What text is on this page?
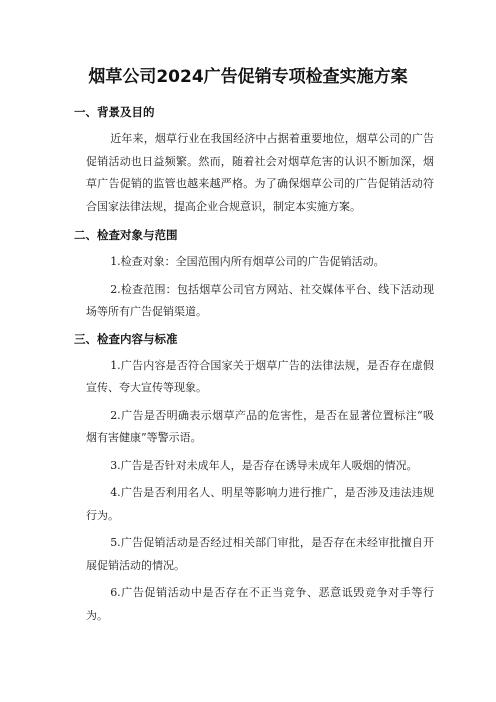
烟草公司2024广告促销专项检查实施方案
一、背景及目的

近年来，烟草行业在我国经济中占据着重要地位，烟草公司的广告促销活动也日益频繁。然而，随着社会对烟草危害的认识不断加深，烟草广告促销的监管也越来越严格。为了确保烟草公司的广告促销活动符合国家法律法规，提高企业合规意识，制定本实施方案。

二、检查对象与范围

1.检查对象：全国范围内所有烟草公司的广告促销活动。

2.检查范围：包括烟草公司官方网站、社交媒体平台、线下活动现场等所有广告促销渠道。

三、检查内容与标准

1.广告内容是否符合国家关于烟草广告的法律法规，是否存在虚假宣传、夸大宣传等现象。

2.广告是否明确表示烟草产品的危害性，是否在显著位置标注“吸烟有害健康”等警示语。

3.广告是否针对未成年人，是否存在诱导未成年人吸烟的情况。

4.广告是否利用名人、明星等影响力进行推广，是否涉及违法违规行为。

5.广告促销活动是否经过相关部门审批，是否存在未经审批擅自开展促销活动的情况。

6.广告促销活动中是否存在不正当竞争、恶意诋毁竞争对手等行为。
